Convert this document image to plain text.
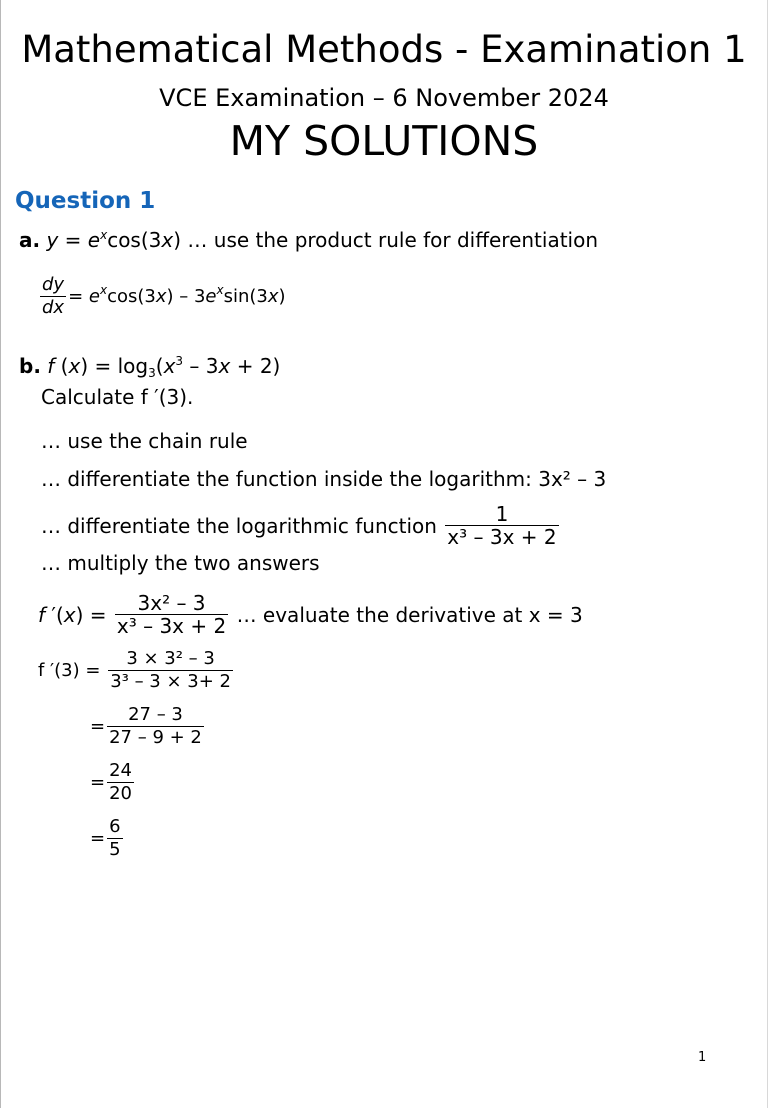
Mathematical Methods - Examination 1
VCE Examination – 6 November 2024
MY SOLUTIONS
Question 1
a. $y = e^x\cos(3x)$ … use the product rule for differentiation
$\frac{dy}{dx} = e^x\cos(3x) - 3e^x\sin(3x)$
b. f $(x) = \log_3(x^3 - 3x + 2)$
Calculate f ′(3).
… use the chain rule
… differentiate the function inside the logarithm: 3x² – 3
… differentiate the logarithmic function $\frac{1}{\text{x³ – 3x + 2}}$
… multiply the two answers
f $'(x) = \frac{\text{3x² – 3}}{\text{x³ – 3x + 2}}$ … evaluate the derivative at x = 3
f $'(3) = \frac{\text{3 × 3² – 3}}{\text{3³ – 3 × 3+ 2}}$
= $\frac{27 - 3}{27 - 9 + 2}$
= $\frac{24}{20}$
= $\frac{6}{5}$
1
